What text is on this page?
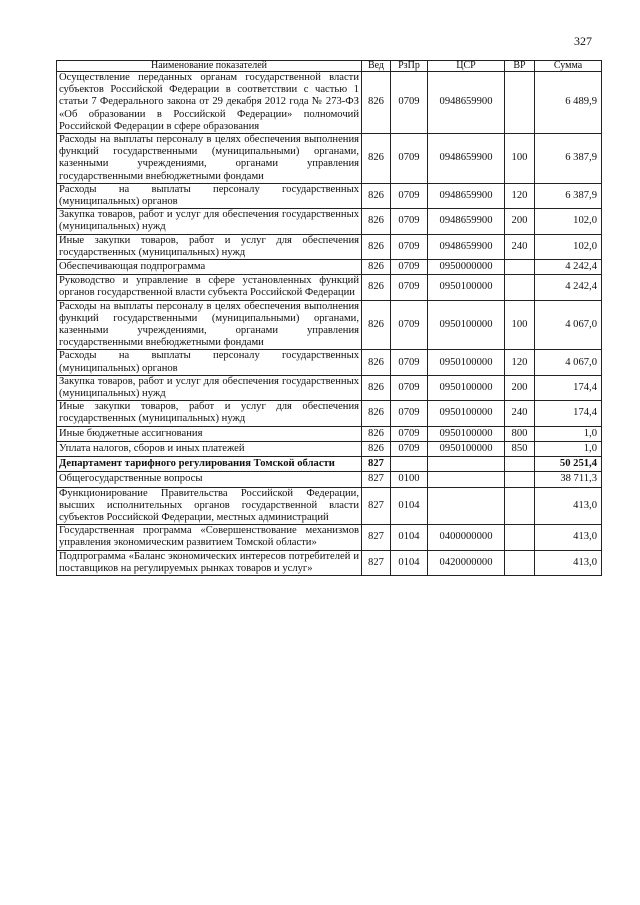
327
Наименование показателей	Вед	РзПр	ЦСР	ВР	Сумма
Осуществление переданных органам государственной власти субъектов Российской Федерации в соответствии с частью 1 статьи 7 Федерального закона от 29 декабря 2012 года № 273-ФЗ «Об образовании в Российской Федерации» полномочий Российской Федерации в сфере образования	826	0709	0948659900		6 489,9
Расходы на выплаты персоналу в целях обеспечения выполнения функций государственными (муниципальными) органами, казенными учреждениями, органами управления государственными внебюджетными фондами	826	0709	0948659900	100	6 387,9
Расходы на выплаты персоналу государственных (муниципальных) органов	826	0709	0948659900	120	6 387,9
Закупка товаров, работ и услуг для обеспечения государственных (муниципальных) нужд	826	0709	0948659900	200	102,0
Иные закупки товаров, работ и услуг для обеспечения государственных (муниципальных) нужд	826	0709	0948659900	240	102,0
Обеспечивающая подпрограмма	826	0709	0950000000		4 242,4
Руководство и управление в сфере установленных функций органов государственной власти субъекта Российской Федерации	826	0709	0950100000		4 242,4
Расходы на выплаты персоналу в целях обеспечения выполнения функций государственными (муниципальными) органами, казенными учреждениями, органами управления государственными внебюджетными фондами	826	0709	0950100000	100	4 067,0
Расходы на выплаты персоналу государственных (муниципальных) органов	826	0709	0950100000	120	4 067,0
Закупка товаров, работ и услуг для обеспечения государственных (муниципальных) нужд	826	0709	0950100000	200	174,4
Иные закупки товаров, работ и услуг для обеспечения государственных (муниципальных) нужд	826	0709	0950100000	240	174,4
Иные бюджетные ассигнования	826	0709	0950100000	800	1,0
Уплата налогов, сборов и иных платежей	826	0709	0950100000	850	1,0
Департамент тарифного регулирования Томской области	827				50 251,4
Общегосударственные вопросы	827	0100			38 711,3
Функционирование Правительства Российской Федерации, высших исполнительных органов государственной власти субъектов Российской Федерации, местных администраций	827	0104			413,0
Государственная программа «Совершенствование механизмов управления экономическим развитием Томской области»	827	0104	0400000000		413,0
Подпрограмма «Баланс экономических интересов потребителей и поставщиков на регулируемых рынках товаров и услуг»	827	0104	0420000000		413,0
